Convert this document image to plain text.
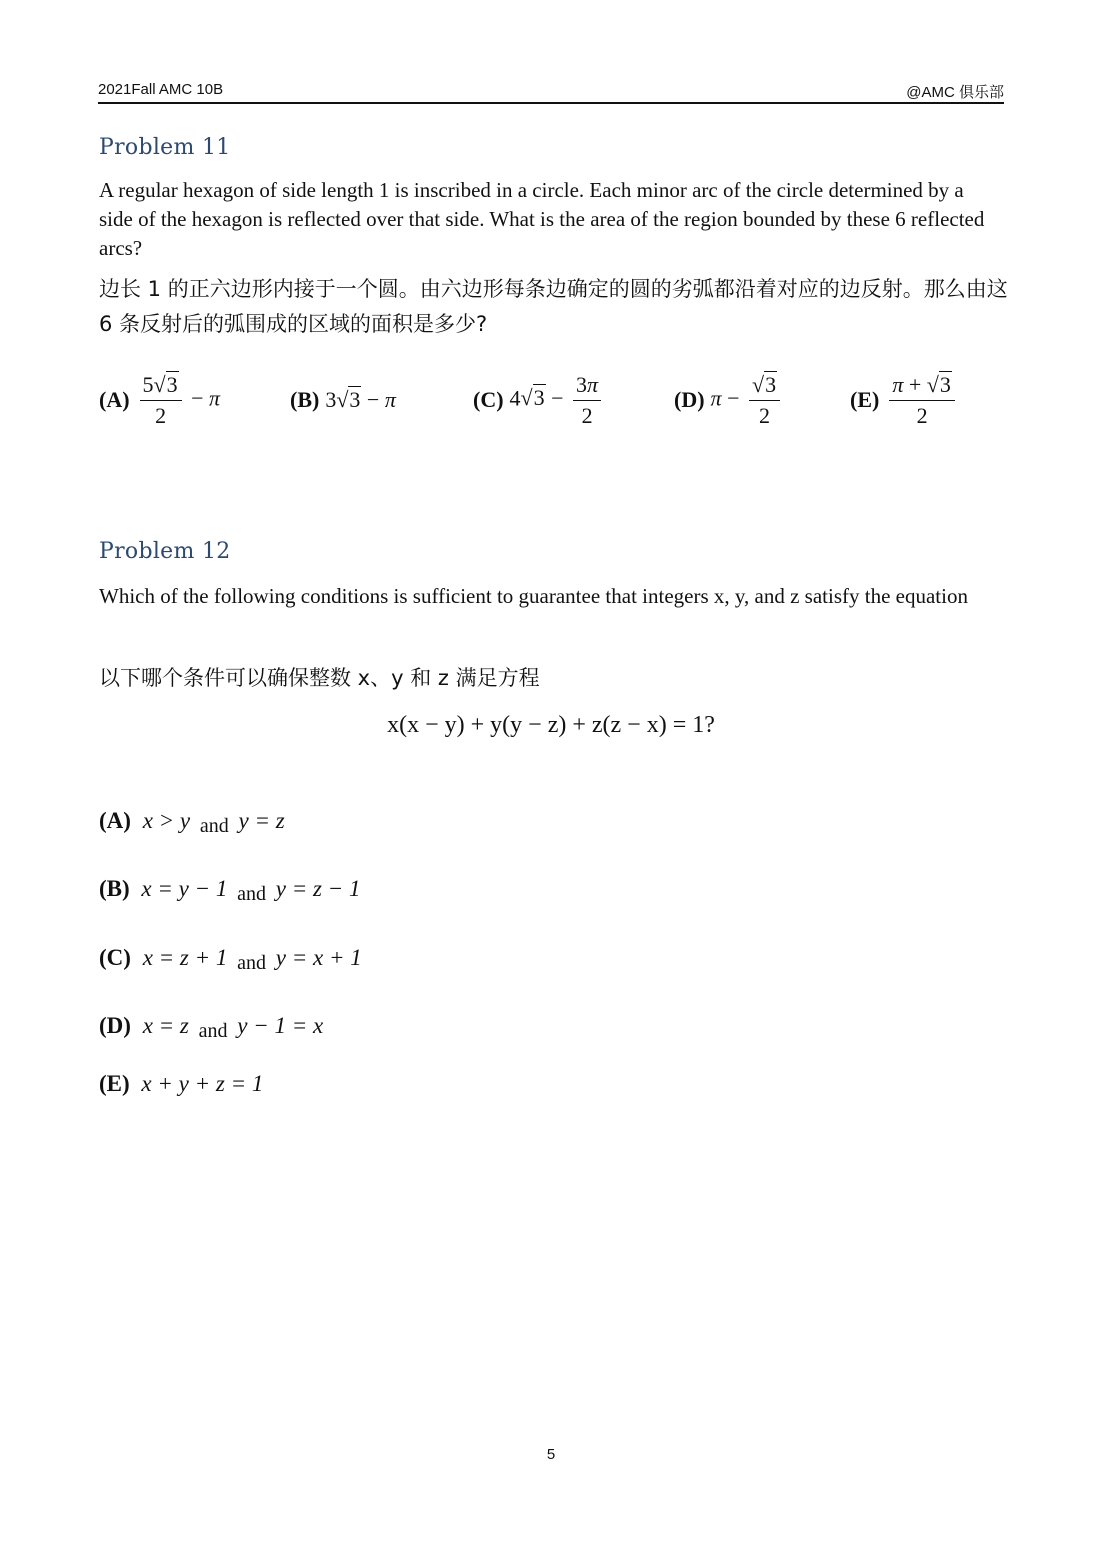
2021Fall AMC 10B	@AMC 俱乐部
Problem 11
A regular hexagon of side length 1 is inscribed in a circle. Each minor arc of the circle determined by a side of the hexagon is reflected over that side. What is the area of the region bounded by these 6 reflected arcs?
边长 1 的正六边形内接于一个圆。由六边形每条边确定的圆的劣弧都沿着对应的边反射。那么由这 6 条反射后的弧围成的区域的面积是多少?
$(A) \frac{5√3}{2} - \pi$	(B) 3√3 − π	(C) $4√3 - \frac{3\pi}{2}$	(D) $\pi - \frac{√3}{2}$	$(E) \frac{\pi + √3}{2}$
Problem 12
Which of the following conditions is sufficient to guarantee that integers x, y, and z satisfy the equation
以下哪个条件可以确保整数 x、y 和 z 满足方程
x(x − y) + y(y − z) + z(z − x) = 1?
(A) x > y and y = z
(B) x = y − 1 and y = z − 1
(C) x = z + 1 and y = x + 1
(D) x = z and y − 1 = x
(E) x + y + z = 1
5
